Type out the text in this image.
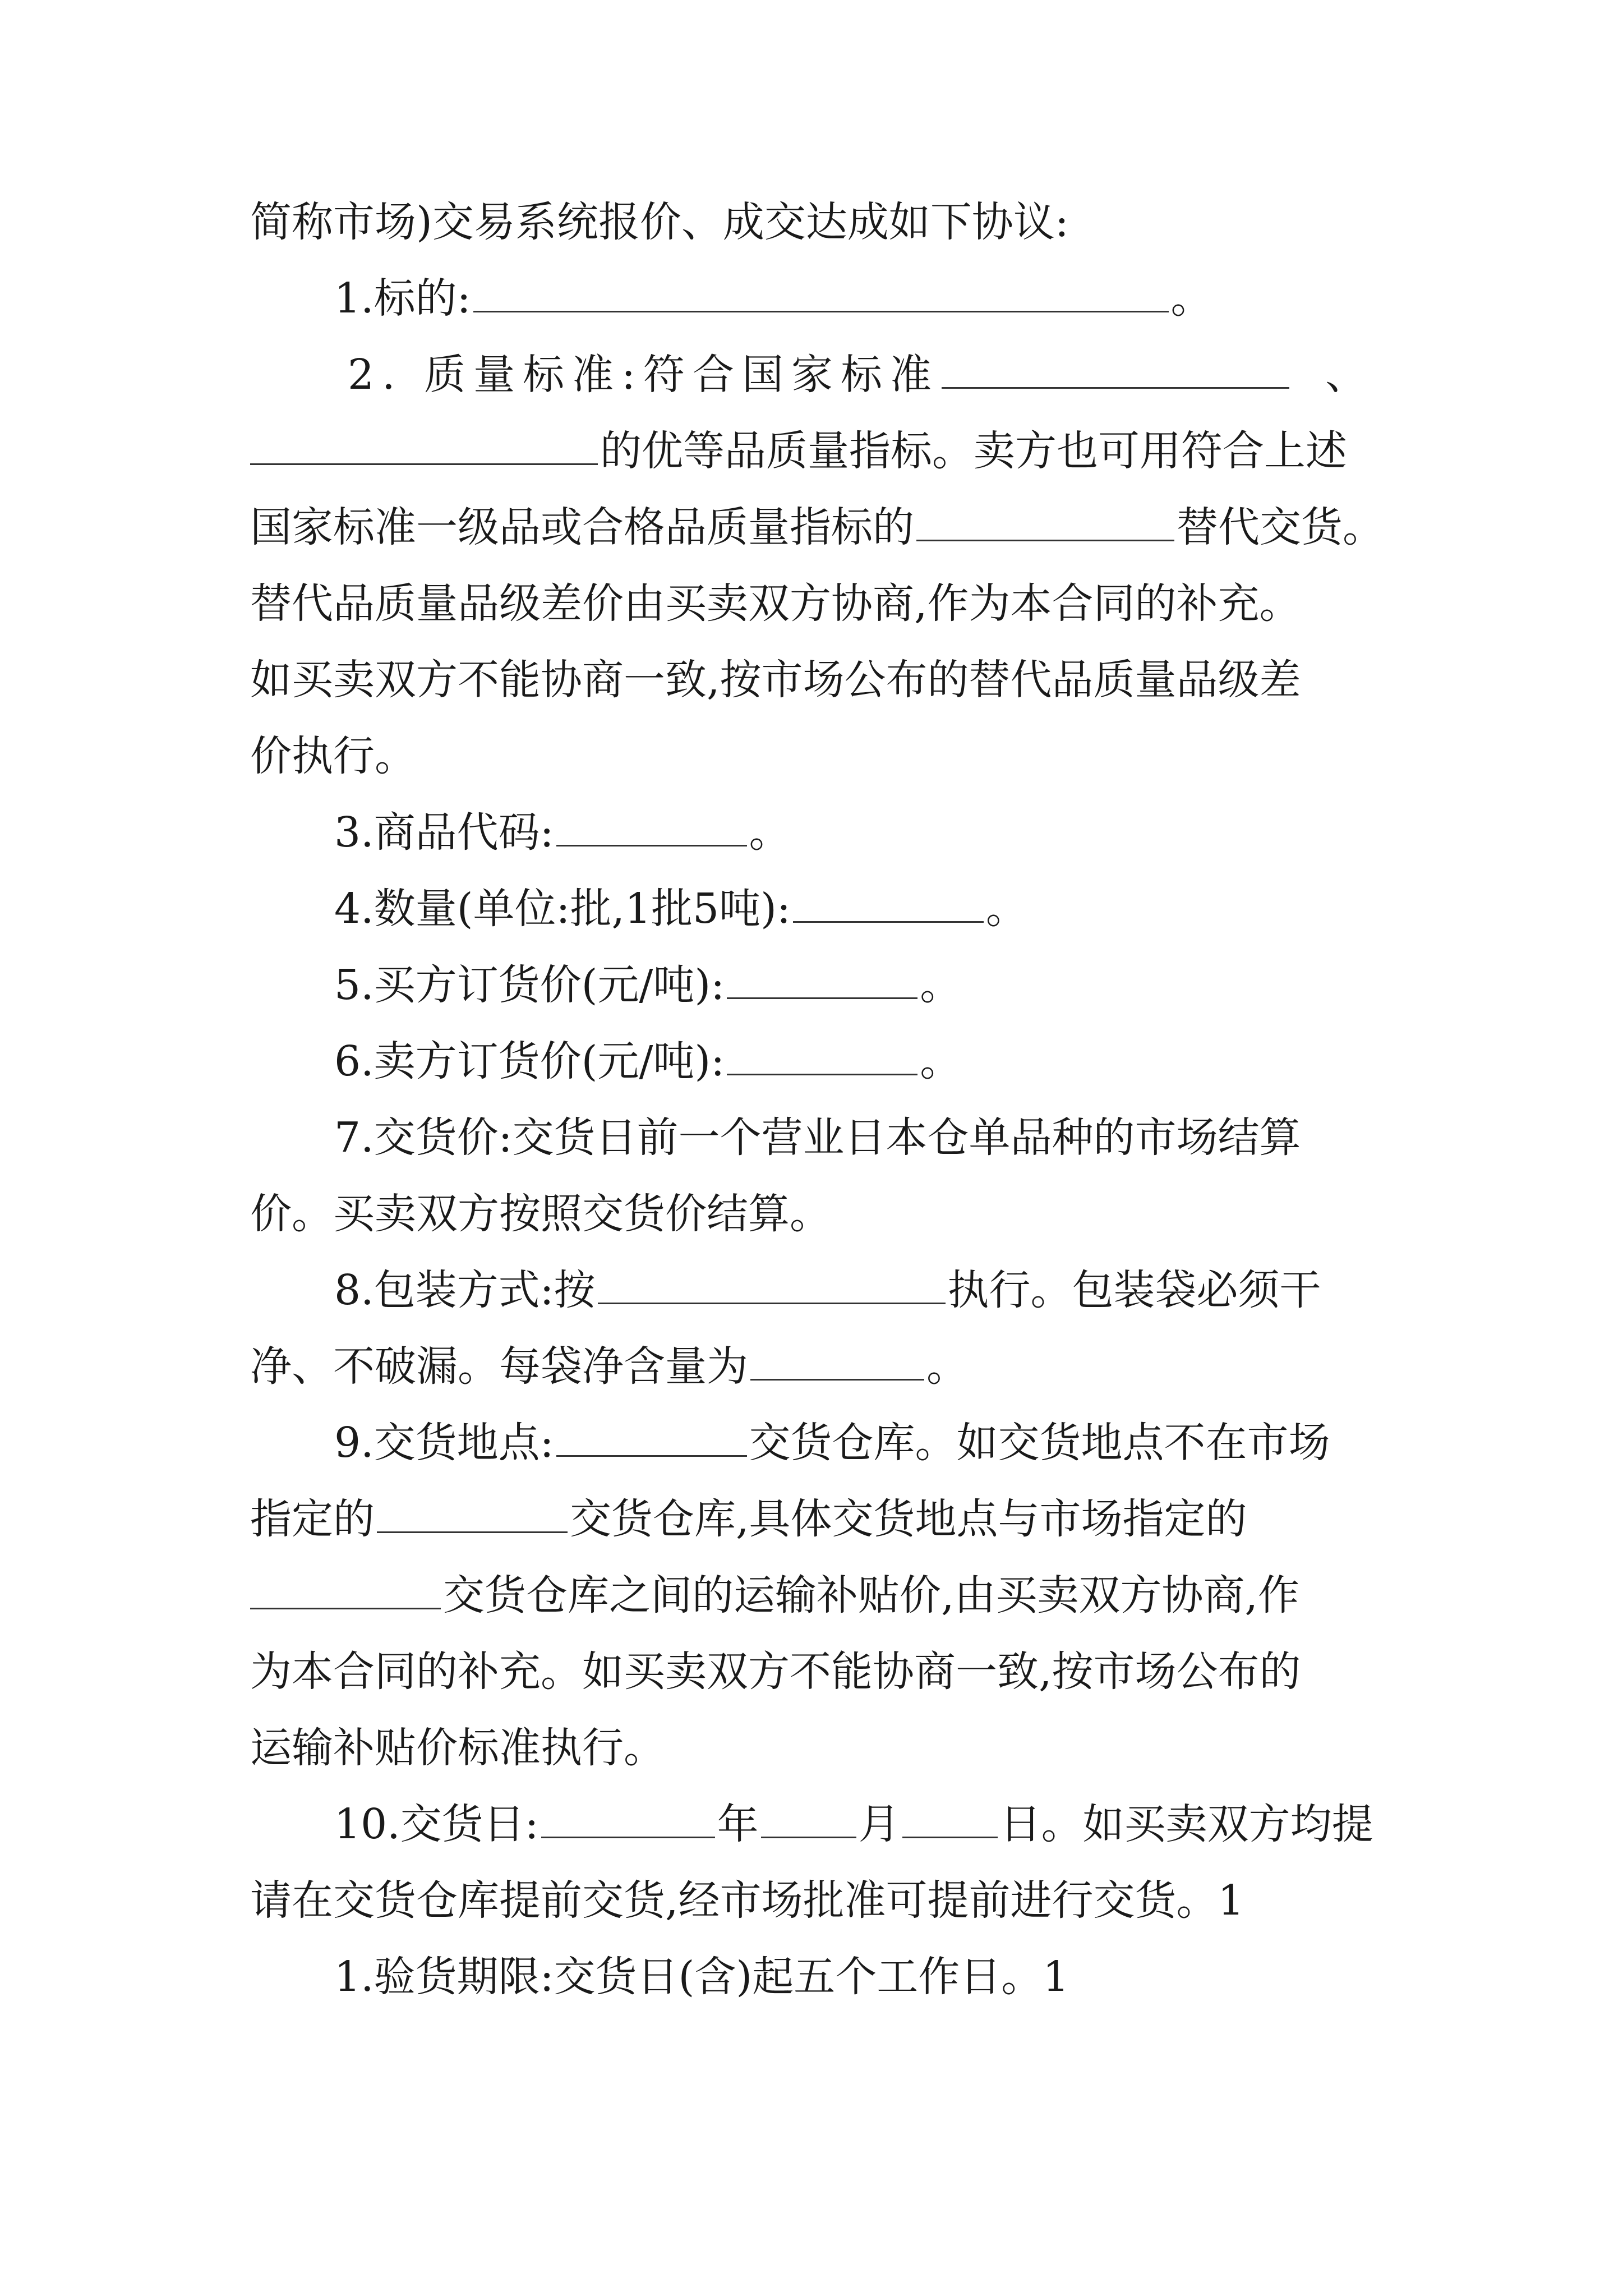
简称市场)交易系统报价、成交达成如下协议:
1.标的:	。
2. 质量标准:符合国家标准	、
的优等品质量指标。卖方也可用符合上述
国家标准一级品或合格品质量指标的	替代交货。
替代品质量品级差价由买卖双方协商,作为本合同的补充。
如买卖双方不能协商一致,按市场公布的替代品质量品级差
价执行。
3.商品代码:	。
4.数量(单位:批,1批5吨):	。
5.买方订货价(元/吨):	。
6.卖方订货价(元/吨):	。
7.交货价:交货日前一个营业日本仓单品种的市场结算
价。买卖双方按照交货价结算。
8.包装方式:按	执行。包装袋必须干
净、不破漏。每袋净含量为	。
9.交货地点:	交货仓库。如交货地点不在市场
指定的	交货仓库,具体交货地点与市场指定的
交货仓库之间的运输补贴价,由买卖双方协商,作
为本合同的补充。如买卖双方不能协商一致,按市场公布的
运输补贴价标准执行。
10.交货日:	年 月 日。如买卖双方均提
请在交货仓库提前交货,经市场批准可提前进行交货。1
1.验货期限:交货日(含)起五个工作日。1
